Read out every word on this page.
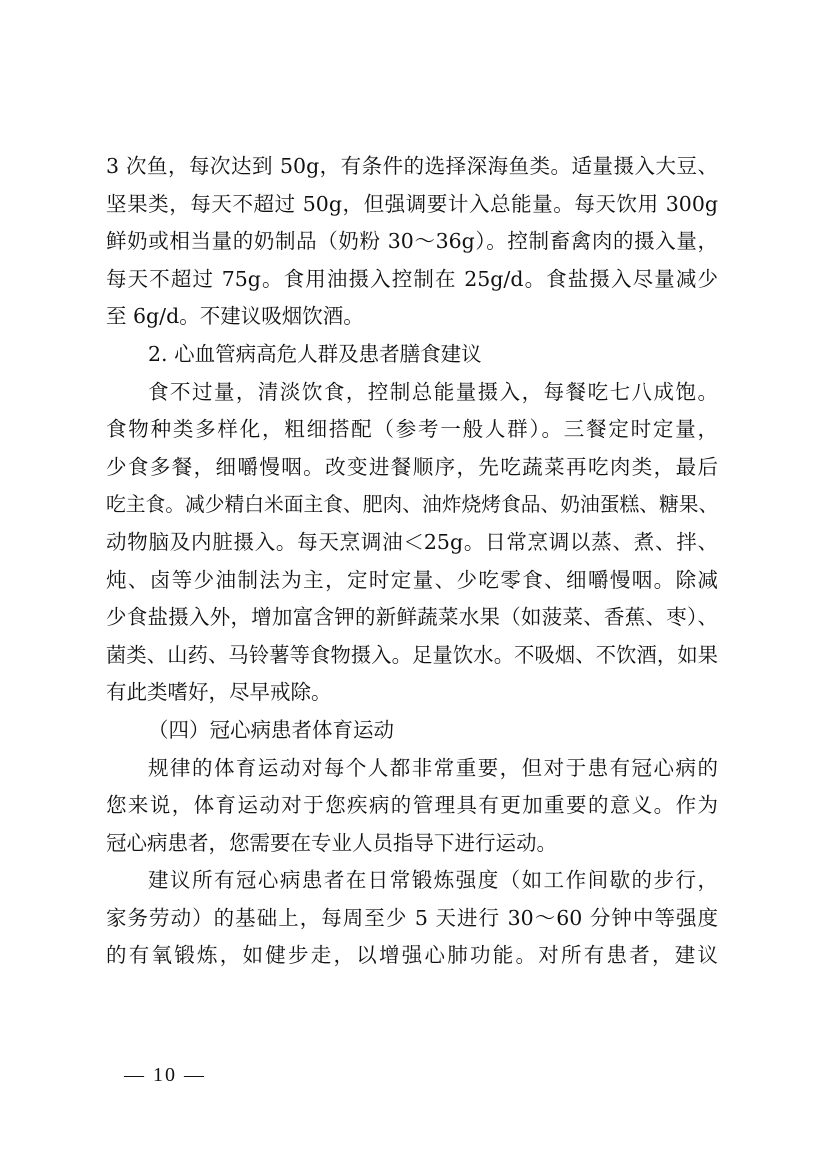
3 次鱼，每次达到 50g，有条件的选择深海鱼类。适量摄入大豆、
坚果类，每天不超过 50g，但强调要计入总能量。每天饮用 300g
鲜奶或相当量的奶制品（奶粉 30～36g）。控制畜禽肉的摄入量，
每天不超过 75g。食用油摄入控制在 25g/d。食盐摄入尽量减少
至 6g/d。不建议吸烟饮酒。
2. 心血管病高危人群及患者膳食建议
食不过量，清淡饮食，控制总能量摄入，每餐吃七八成饱。
食物种类多样化，粗细搭配（参考一般人群）。三餐定时定量，
少食多餐，细嚼慢咽。改变进餐顺序，先吃蔬菜再吃肉类，最后
吃主食。减少精白米面主食、肥肉、油炸烧烤食品、奶油蛋糕、糖果、
动物脑及内脏摄入。每天烹调油＜25g。日常烹调以蒸、煮、拌、
炖、卤等少油制法为主，定时定量、少吃零食、细嚼慢咽。除减
少食盐摄入外，增加富含钾的新鲜蔬菜水果（如菠菜、香蕉、枣）、
菌类、山药、马铃薯等食物摄入。足量饮水。不吸烟、不饮酒，如果
有此类嗜好，尽早戒除。
（四）冠心病患者体育运动
规律的体育运动对每个人都非常重要，但对于患有冠心病的
您来说，体育运动对于您疾病的管理具有更加重要的意义。作为
冠心病患者，您需要在专业人员指导下进行运动。
建议所有冠心病患者在日常锻炼强度（如工作间歇的步行，
家务劳动）的基础上，每周至少 5 天进行 30～60 分钟中等强度
的有氧锻炼，如健步走，以增强心肺功能。对所有患者，建议
— 10 —
